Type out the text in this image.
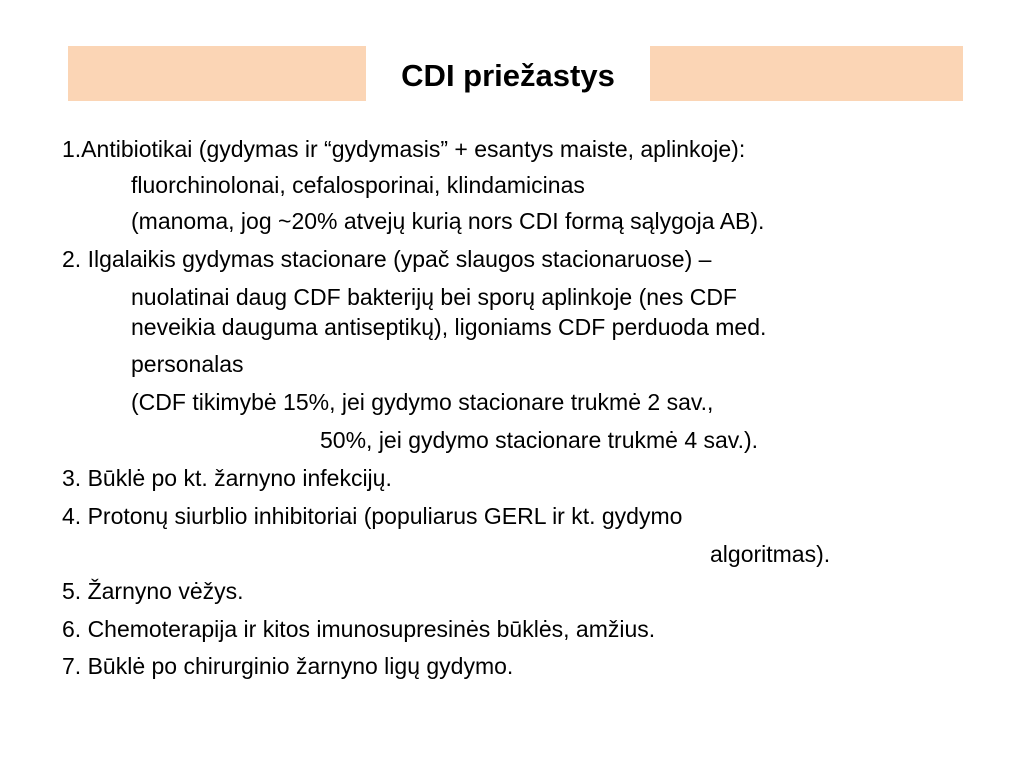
CDI priežastys
1.Antibiotikai (gydymas ir “gydymasis” + esantys maiste, aplinkoje):
fluorchinolonai, cefalosporinai, klindamicinas
(manoma, jog ~20% atvejų kurią nors CDI formą sąlygoja AB).
2. Ilgalaikis gydymas stacionare (ypač slaugos stacionaruose) –
nuolatinai daug CDF bakterijų bei sporų aplinkoje (nes CDF
neveikia dauguma antiseptikų), ligoniams CDF perduoda med.
personalas
(CDF tikimybė 15%, jei gydymo stacionare trukmė 2 sav.,
50%, jei gydymo stacionare trukmė 4 sav.).
3. Būklė po kt. žarnyno infekcijų.
4. Protonų siurblio inhibitoriai (populiarus GERL ir kt. gydymo
algoritmas).
5. Žarnyno vėžys.
6. Chemoterapija ir kitos imunosupresinės būklės, amžius.
7. Būklė po chirurginio žarnyno ligų gydymo.
